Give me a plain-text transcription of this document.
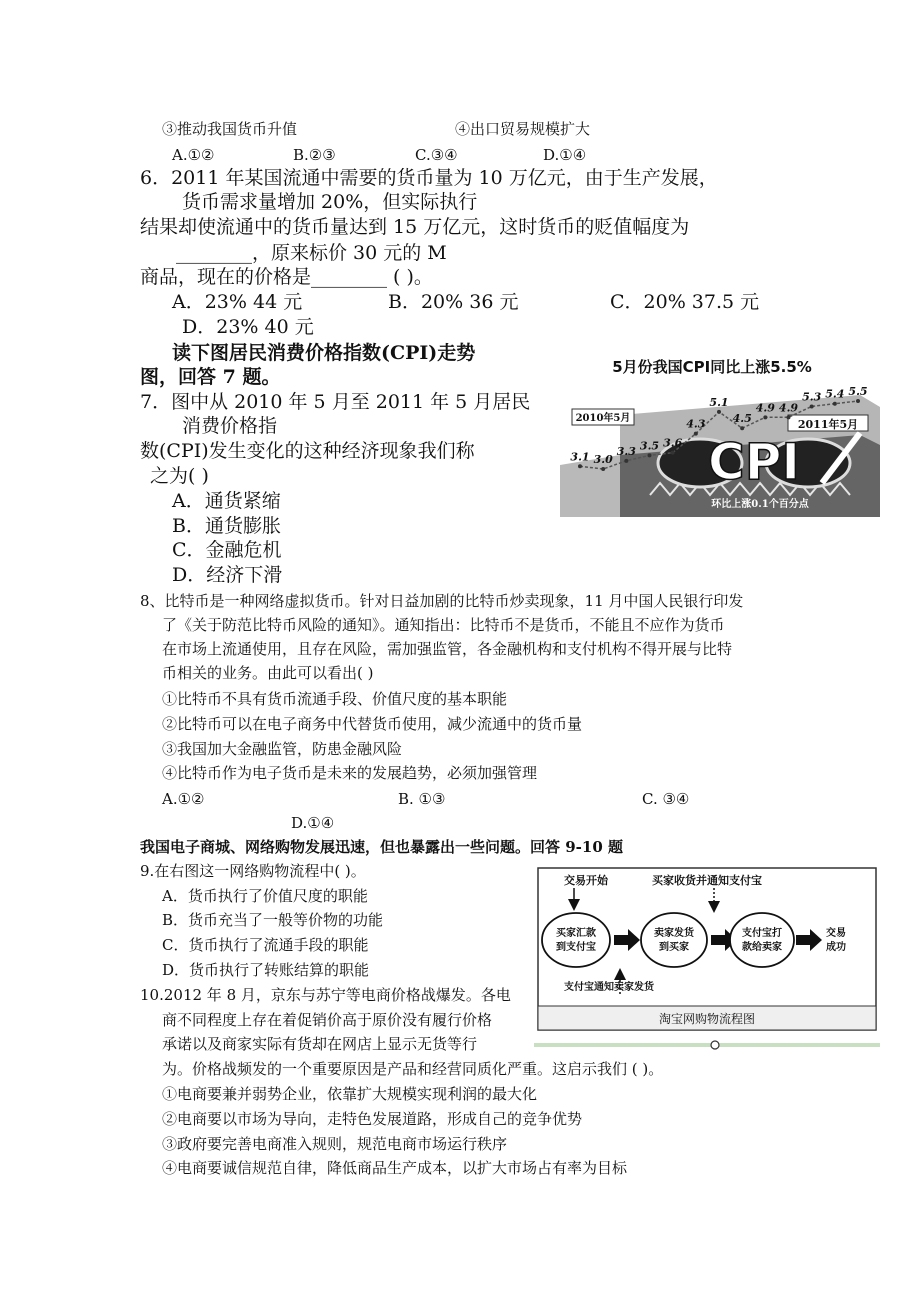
③推动我国货币升值	④出口贸易规模扩大
A.①②	B.②③	C.③④	D.①④
6．2011 年某国流通中需要的货币量为 10 万亿元，由于生产发展，
货币需求量增加 20%，但实际执行
结果却使流通中的货币量达到 15 万亿元，这时货币的贬值幅度为
________，原来标价 30 元的 M
商品，现在的价格是________ ( )。
A．23% 44 元	B．20% 36 元	C．20% 37.5 元
D．23% 40 元
读下图居民消费价格指数(CPI)走势
图，回答 7 题。
7．图中从 2010 年 5 月至 2011 年 5 月居民
消费价格指
数(CPI)发生变化的这种经济现象我们称
之为( )
A．通货紧缩
B．通货膨胀
C．金融危机
D．经济下滑
CPI
5月份我国CPI同比上涨5.5%
2010年5月	2011年5月
3.1 3.0
3.3 3.5 3.6
4.3
5.1
4.5
4.9 4.9
5.3 5.4 5.5
环比上涨0.1个百分点
8、比特币是一种网络虚拟货币。针对日益加剧的比特币炒卖现象，11 月中国人民银行印发
了《关于防范比特币风险的通知》。通知指出：比特币不是货币，不能且不应作为货币
在市场上流通使用，且存在风险，需加强监管，各金融机构和支付机构不得开展与比特
币相关的业务。由此可以看出( )
①比特币不具有货币流通手段、价值尺度的基本职能
②比特币可以在电子商务中代替货币使用，减少流通中的货币量
③我国加大金融监管，防患金融风险
④比特币作为电子货币是未来的发展趋势，必须加强管理
A.①②	B. ①③	C. ③④
D.①④
我国电子商城、网络购物发展迅速，但也暴露出一些问题。回答 9-10 题
9.在右图这一网络购物流程中( )。
A．货币执行了价值尺度的职能
B．货币充当了一般等价物的功能
C．货币执行了流通手段的职能
D．货币执行了转账结算的职能
交易开始	买家收货并通知支付宝
买家汇款
到支付宝
卖家发货
到买家
支付宝打
款给卖家
交易
成功
支付宝通知卖家发货
淘宝网购物流程图
10.2012 年 8 月，京东与苏宁等电商价格战爆发。各电
商不同程度上存在着促销价高于原价没有履行价格
承诺以及商家实际有货却在网店上显示无货等行
为。价格战频发的一个重要原因是产品和经营同质化严重。这启示我们 ( )。
①电商要兼并弱势企业，依靠扩大规模实现利润的最大化
②电商要以市场为导向，走特色发展道路，形成自己的竞争优势
③政府要完善电商准入规则，规范电商市场运行秩序
④电商要诚信规范自律，降低商品生产成本，以扩大市场占有率为目标
